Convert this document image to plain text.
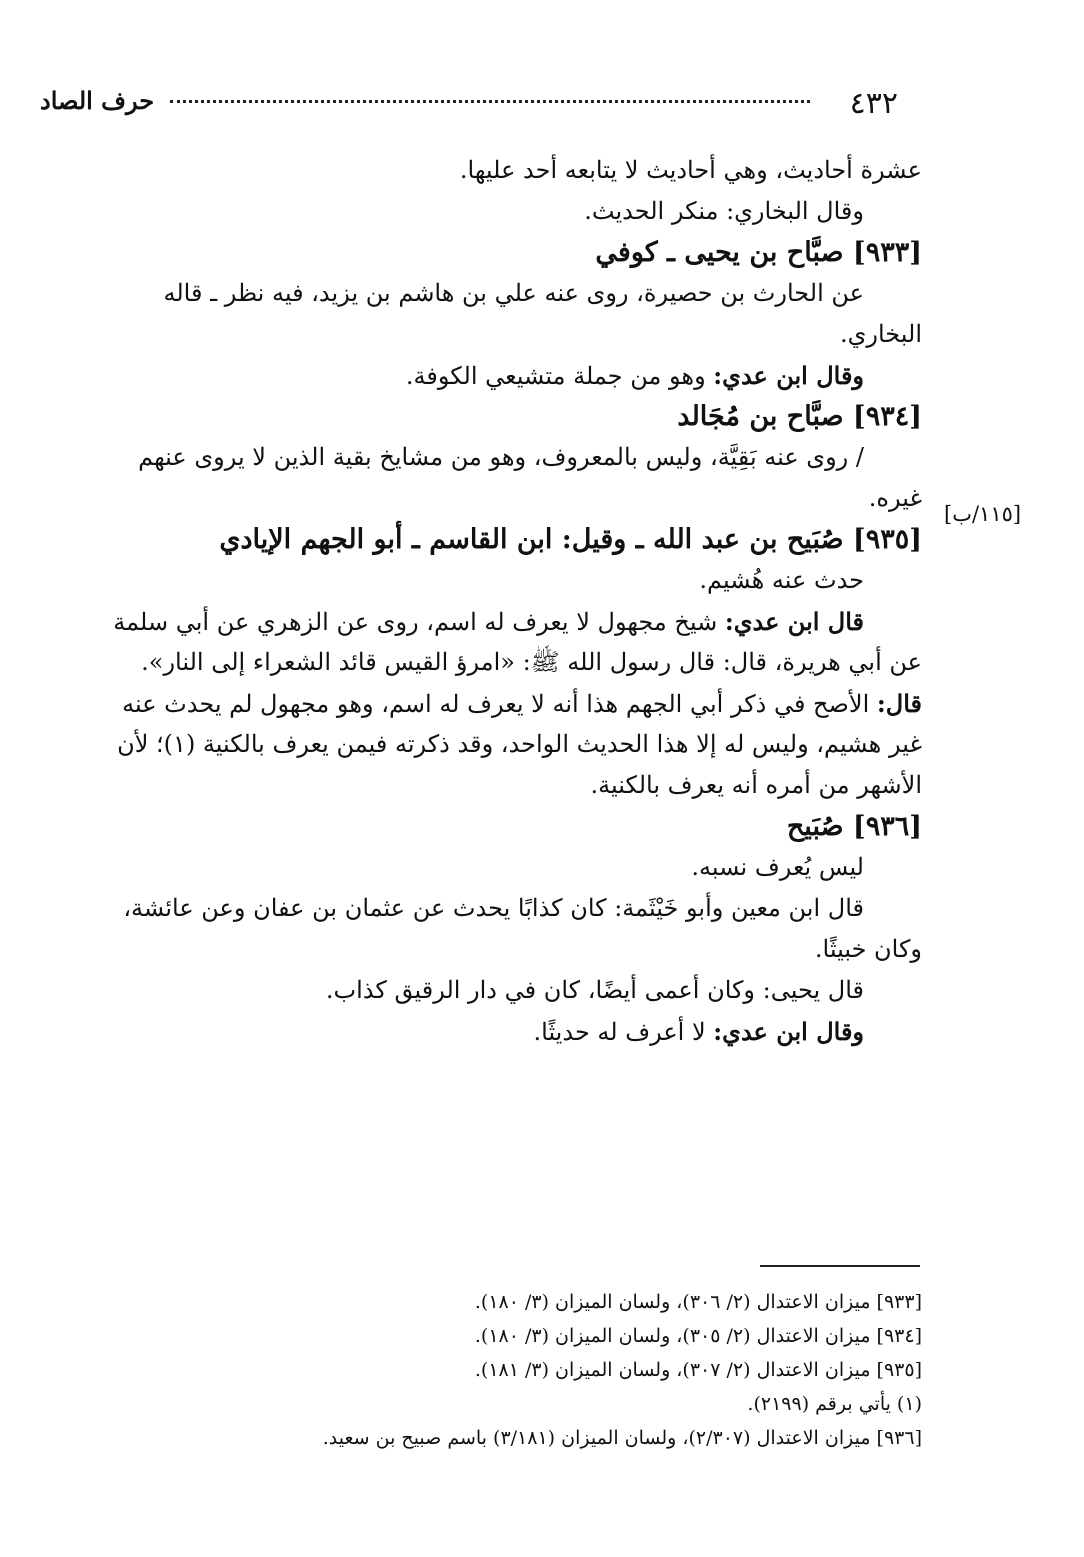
حرف الصاد	٤٣٢
[١١٥/ب]
عشرة أحاديث، وهي أحاديث لا يتابعه أحد عليها.
وقال البخاري: منكر الحديث.
[٩٣٣] صبَّاح بن يحيى ـ كوفي
عن الحارث بن حصيرة، روى عنه علي بن هاشم بن يزيد، فيه نظر ـ قاله
البخاري.
وقال ابن عدي: وهو من جملة متشيعي الكوفة.
[٩٣٤] صبَّاح بن مُجَالد
/ روى عنه بَقِيَّة، وليس بالمعروف، وهو من مشايخ بقية الذين لا يروى عنهم
غيره.
[٩٣٥] صُبَيح بن عبد الله ـ وقيل: ابن القاسم ـ أبو الجهم الإيادي
حدث عنه هُشيم.
قال ابن عدي: شيخ مجهول لا يعرف له اسم، روى عن الزهري عن أبي سلمة
عن أبي هريرة، قال: قال رسول الله ﷺ: «امرؤ القيس قائد الشعراء إلى النار».
قال: الأصح في ذكر أبي الجهم هذا أنه لا يعرف له اسم، وهو مجهول لم يحدث عنه
غير هشيم، وليس له إلا هذا الحديث الواحد، وقد ذكرته فيمن يعرف بالكنية (١)؛ لأن
الأشهر من أمره أنه يعرف بالكنية.
[٩٣٦] صُبَيح
ليس يُعرف نسبه.
قال ابن معين وأبو خَيْثَمة: كان كذابًا يحدث عن عثمان بن عفان وعن عائشة،
وكان خبيثًا.
قال يحيى: وكان أعمى أيضًا، كان في دار الرقيق كذاب.
وقال ابن عدي: لا أعرف له حديثًا.
[٩٣٣] ميزان الاعتدال (٢/ ٣٠٦)، ولسان الميزان (٣/ ١٨٠).
[٩٣٤] ميزان الاعتدال (٢/ ٣٠٥)، ولسان الميزان (٣/ ١٨٠).
[٩٣٥] ميزان الاعتدال (٢/ ٣٠٧)، ولسان الميزان (٣/ ١٨١).
(١) يأتي برقم (٢١٩٩).
[٩٣٦] ميزان الاعتدال (٢/٣٠٧)، ولسان الميزان (٣/١٨١) باسم صبيح بن سعيد.
